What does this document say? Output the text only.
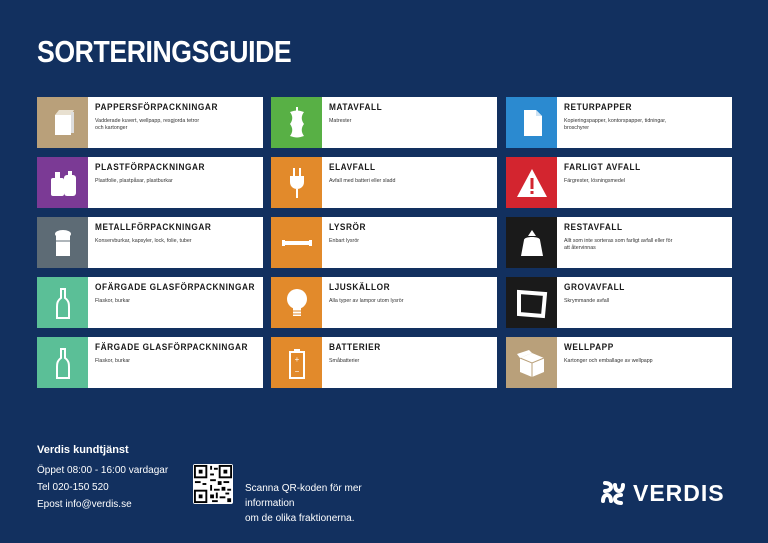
SORTERINGSGUIDE
PAPPERSFÖRPACKNINGAR
Vadderade kuvert, wellpapp, resgjorda tetror och kartonger
PLASTFÖRPACKNINGAR
Plastfolie, plastpåsar, plastburkar
METALLFÖRPACKNINGAR
Konservburkar, kapsyler, lock, folie, tuber
OFÄRGADE GLASFÖRPACKNINGAR
Flaskor, burkar
FÄRGADE GLASFÖRPACKNINGAR
Flaskor, burkar
MATAVFALL
Matrester
ELAVFALL
Avfall med batteri eller sladd
LYSRÖR
Enbart lysrör
LJUSKÄLLOR
Alla typer av lampor utom lysrör
+
−
BATTERIER
Småbatterier
RETURPAPPER
Kopieringspapper, kontorspapper, tidningar, broschyrer
FARLIGT AVFALL
Färgrester, lösningsmedel
RESTAVFALL
Allt som inte sorteras som farligt avfall eller för att återvinnas
GROVAVFALL
Skrymmande avfall
WELLPAPP
Kartonger och emballage av wellpapp
Verdis kundtjänst
Öppet 08:00 - 16:00 vardagar
Tel 020-150 520
Epost info@verdis.se
Scanna QR-koden för mer information
om de olika fraktionerna.
VERDIS
